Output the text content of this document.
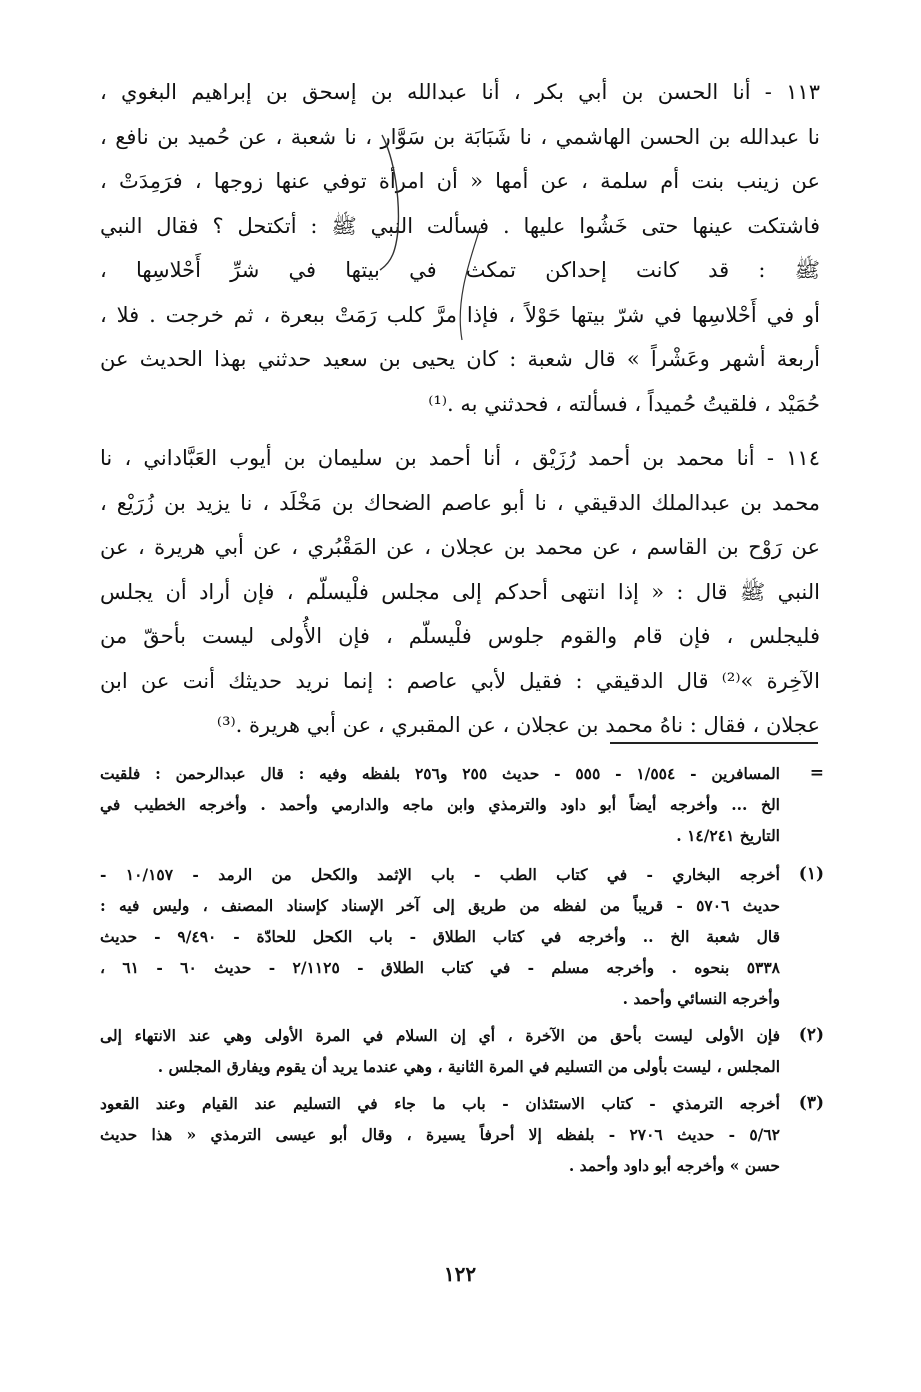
١١٣ - أنا الحسن بن أبي بكر ، أنا عبدالله بن إسحق بن إبراهيم البغوي ،
نا عبدالله بن الحسن الهاشمي ، نا شَبَابَة بن سَوَّار ، نا شعبة ، عن حُميد بن نافع ،
عن زينب بنت أم سلمة ، عن أمها « أن امرأة توفي عنها زوجها ، فرَمِدَتْ ،
فاشتكت عينها حتى خَشُوا عليها . فسألت النبي ﷺ : أتكتحل ؟ فقال النبي
ﷺ : قد كانت إحداكن تمكث في بيتها في شرِّ أَحْلاسِها ،
أو في أَحْلاسِها في شرّ بيتها حَوْلاً ، فإذا مرَّ كلب رَمَتْ ببعرة ، ثم خرجت . فلا ،
أربعة أشهر وعَشْراً » قال شعبة : كان يحيى بن سعيد حدثني بهذا الحديث عن
حُمَيْد ، فلقيتُ حُميداً ، فسألته ، فحدثني به .⁽¹⁾
١١٤ - أنا محمد بن أحمد رُزَيْق ، أنا أحمد بن سليمان بن أيوب العَبَّاداني ، نا
محمد بن عبدالملك الدقيقي ، نا أبو عاصم الضحاك بن مَخْلَد ، نا يزيد بن زُرَيْع ،
عن رَوْح بن القاسم ، عن محمد بن عجلان ، عن المَقْبُري ، عن أبي هريرة ، عن
النبي ﷺ قال : « إذا انتهى أحدكم إلى مجلس فلْيسلّم ، فإن أراد أن يجلس
فليجلس ، فإن قام والقوم جلوس فلْيسلّم ، فإن الأُولى ليست بأحقّ من
الآخِرة »⁽²⁾ قال الدقيقي : فقيل لأبي عاصم : إنما نريد حديثك أنت عن ابن
عجلان ، فقال : ناهُ محمد بن عجلان ، عن المقبري ، عن أبي هريرة .⁽³⁾
=
المسافرين - ١/٥٥٤ - ٥٥٥ - حديث ٢٥٥ و٢٥٦ بلفظه وفيه : قال عبدالرحمن : فلقيت
الخ ... وأخرجه أيضاً أبو داود والترمذي وابن ماجه والدارمي وأحمد . وأخرجه الخطيب في
التاريخ ١٤/٢٤١ .
(١)
أخرجه البخاري - في كتاب الطب - باب الإثمد والكحل من الرمد - ١٠/١٥٧ -
حديث ٥٧٠٦ - قريباً من لفظه من طريق إلى آخر الإسناد كإسناد المصنف ، وليس فيه :
قال شعبة الخ .. وأخرجه في كتاب الطلاق - باب الكحل للحادّة - ٩/٤٩٠ - حديث
٥٣٣٨ بنحوه . وأخرجه مسلم - في كتاب الطلاق - ٢/١١٢٥ - حديث ٦٠ - ٦١ ،
وأخرجه النسائي وأحمد .
(٢)
فإن الأولى ليست بأحق من الآخرة ، أي إن السلام في المرة الأولى وهي عند الانتهاء إلى
المجلس ، ليست بأولى من التسليم في المرة الثانية ، وهي عندما يريد أن يقوم ويفارق المجلس .
(٣)
أخرجه الترمذي - كتاب الاستئذان - باب ما جاء في التسليم عند القيام وعند القعود
٥/٦٢ - حديث ٢٧٠٦ - بلفظه إلا أحرفاً يسيرة ، وقال أبو عيسى الترمذي « هذا حديث
حسن » وأخرجه أبو داود وأحمد .
١٢٢
